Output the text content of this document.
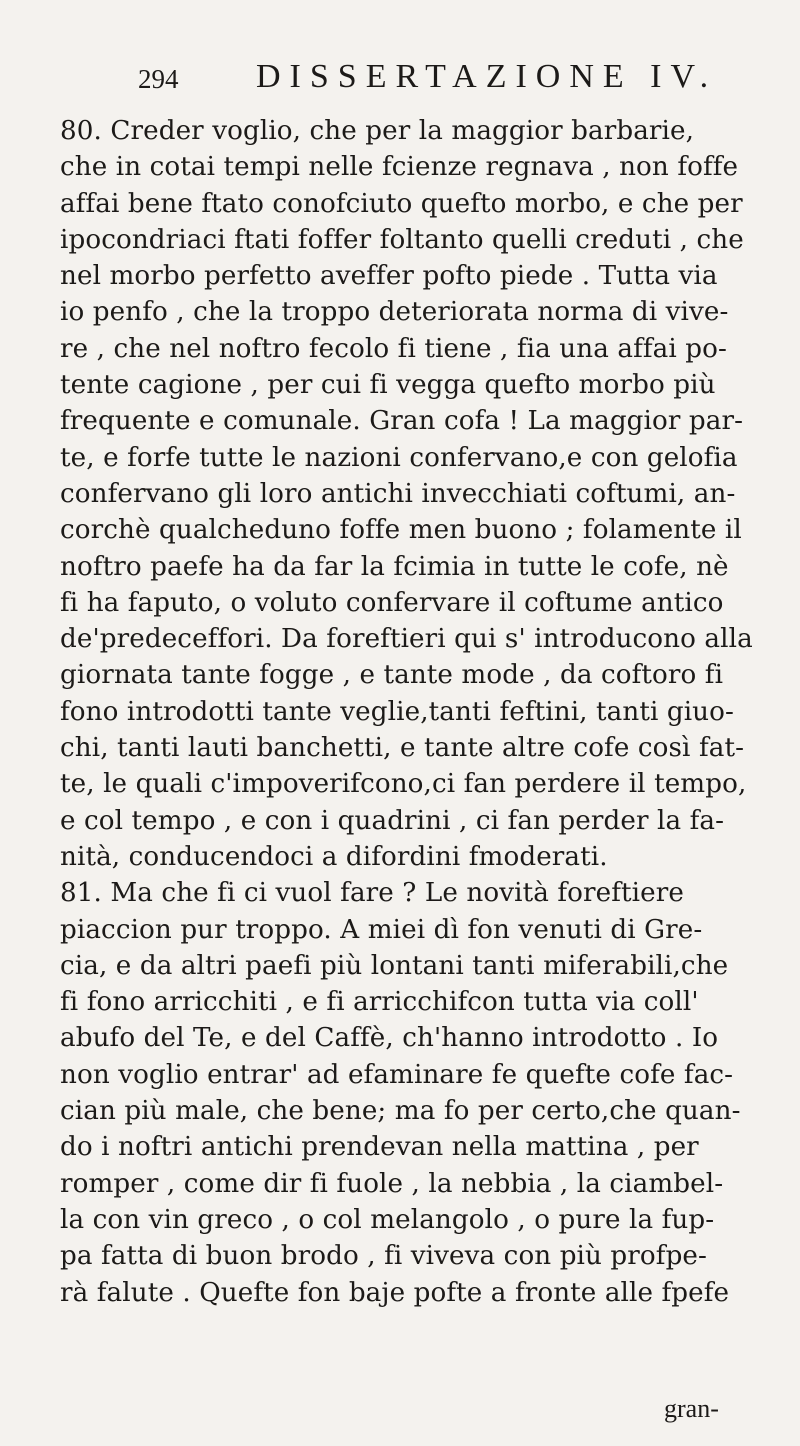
294 DISSERTAZIONE IV.
80. Creder voglio, che per la maggior barbarie,
che in cotai tempi nelle fcienze regnava , non foffe
affai bene ftato conofciuto quefto morbo, e che per
ipocondriaci ftati foffer foltanto quelli creduti , che
nel morbo perfetto aveffer pofto piede . Tutta via
io penfo , che la troppo deteriorata norma di vive-
re , che nel noftro fecolo fi tiene , fia una affai po-
tente cagione , per cui fi vegga quefto morbo più
frequente e comunale. Gran cofa ! La maggior par-
te, e forfe tutte le nazioni confervano,e con gelofia
confervano gli loro antichi invecchiati coftumi, an-
corchè qualcheduno foffe men buono ; folamente il
noftro paefe ha da far la fcimia in tutte le cofe, nè
fi ha faputo, o voluto confervare il coftume antico
de'predeceffori. Da foreftieri qui s' introducono alla
giornata tante fogge , e tante mode , da coftoro fi
fono introdotti tante veglie,tanti feftini, tanti giuo-
chi, tanti lauti banchetti, e tante altre cofe così fat-
te, le quali c'impoverifcono,ci fan perdere il tempo,
e col tempo , e con i quadrini , ci fan perder la fa-
nità, conducendoci a difordini fmoderati.
81. Ma che fi ci vuol fare ? Le novità foreftiere
piaccion pur troppo. A miei dì fon venuti di Gre-
cia, e da altri paefi più lontani tanti miferabili,che
fi fono arricchiti , e fi arricchifcon tutta via coll'
abufo del Te, e del Caffè, ch'hanno introdotto . Io
non voglio entrar' ad efaminare fe quefte cofe fac-
cian più male, che bene; ma fo per certo,che quan-
do i noftri antichi prendevan nella mattina , per
romper , come dir fi fuole , la nebbia , la ciambel-
la con vin greco , o col melangolo , o pure la fup-
pa fatta di buon brodo , fi viveva con più profpe-
rà falute . Quefte fon baje pofte a fronte alle fpefe
gran-
